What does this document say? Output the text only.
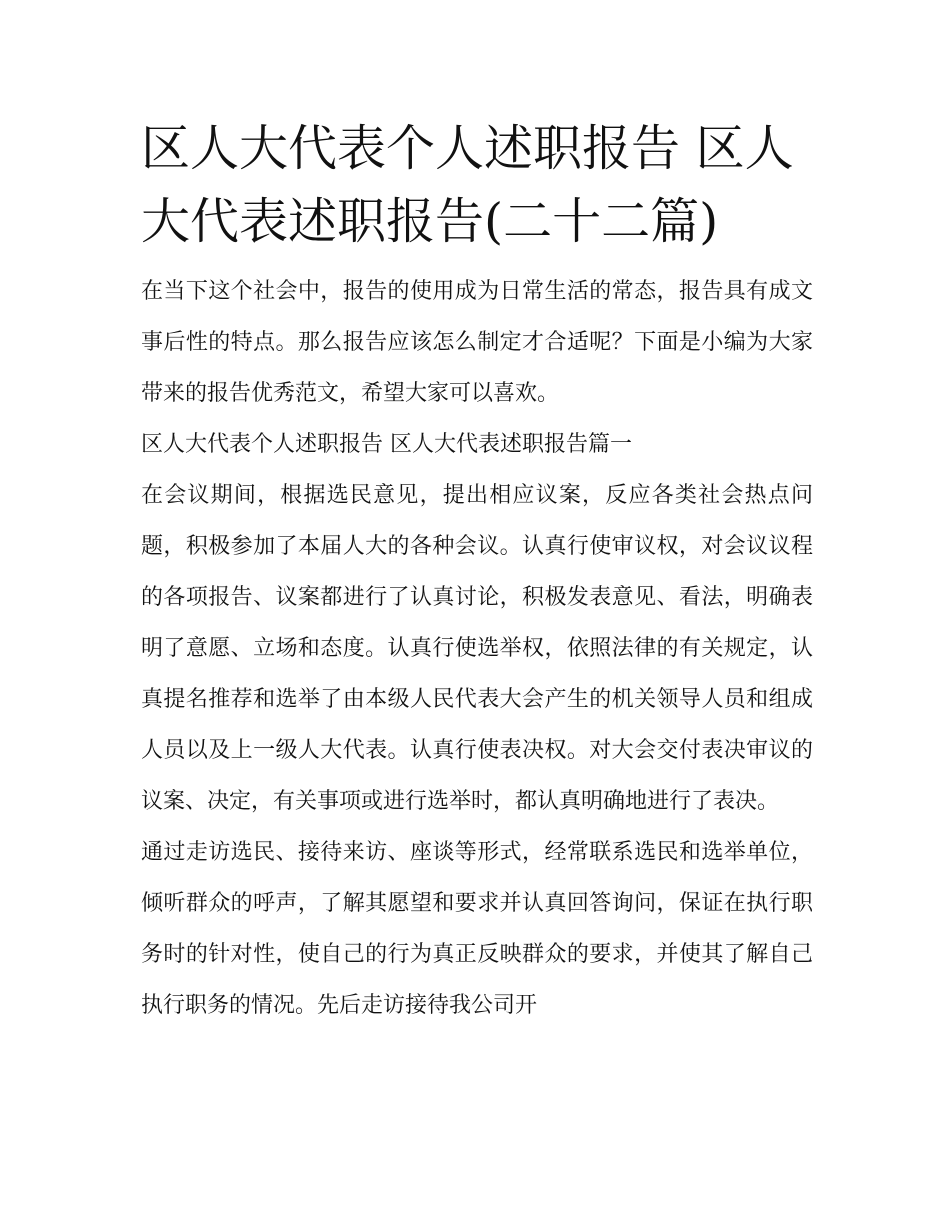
区人大代表个人述职报告 区人大代表述职报告(二十二篇)

在当下这个社会中，报告的使用成为日常生活的常态，报告具有成文事后性的特点。那么报告应该怎么制定才合适呢？下面是小编为大家带来的报告优秀范文，希望大家可以喜欢。

区人大代表个人述职报告 区人大代表述职报告篇一

在会议期间，根据选民意见，提出相应议案，反应各类社会热点问题，积极参加了本届人大的各种会议。认真行使审议权，对会议议程的各项报告、议案都进行了认真讨论，积极发表意见、看法，明确表明了意愿、立场和态度。认真行使选举权，依照法律的有关规定，认真提名推荐和选举了由本级人民代表大会产生的机关领导人员和组成人员以及上一级人大代表。认真行使表决权。对大会交付表决审议的议案、决定，有关事项或进行选举时，都认真明确地进行了表决。

通过走访选民、接待来访、座谈等形式，经常联系选民和选举单位，倾听群众的呼声，了解其愿望和要求并认真回答询问，保证在执行职务时的针对性，使自己的行为真正反映群众的要求，并使其了解自己执行职务的情况。先后走访接待我公司开
